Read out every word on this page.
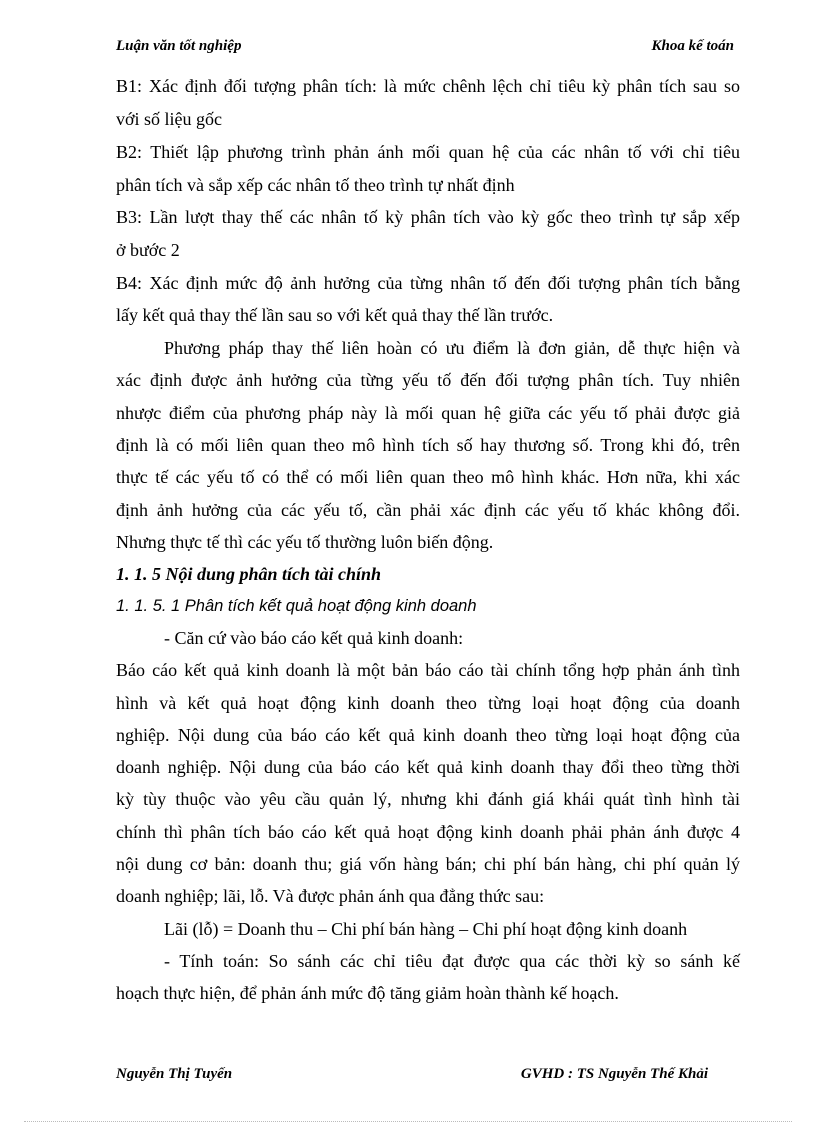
Luận văn tốt nghiệp	Khoa kế toán
B1: Xác định đối tượng phân tích: là mức chênh lệch chỉ tiêu kỳ phân tích sau so
với số liệu gốc
B2: Thiết lập phương trình phản ánh mối quan hệ của các nhân tố với chỉ tiêu
phân tích và sắp xếp các nhân tố theo trình tự nhất định
B3: Lần lượt thay thế các nhân tố kỳ phân tích vào kỳ gốc theo trình tự sắp xếp
ở bước 2
B4: Xác định mức độ ảnh hưởng của từng nhân tố đến đối tượng phân tích bằng
lấy kết quả thay thế lần sau so với kết quả thay thế lần trước.
Phương pháp thay thế liên hoàn có ưu điểm là đơn giản, dễ thực hiện và
xác định được ảnh hưởng của từng yếu tố đến đối tượng phân tích. Tuy nhiên
nhược điểm của phương pháp này là mối quan hệ giữa các yếu tố phải được giả
định là có mối liên quan theo mô hình tích số hay thương số. Trong khi đó, trên
thực tế các yếu tố có thể có mối liên quan theo mô hình khác. Hơn nữa, khi xác
định ảnh hưởng của các yếu tố, cần phải xác định các yếu tố khác không đổi.
Nhưng thực tế thì các yếu tố thường luôn biến động.
1. 1. 5 Nội dung phân tích tài chính
1. 1. 5. 1 Phân tích kết quả hoạt động kinh doanh
- Căn cứ vào báo cáo kết quả kinh doanh:
Báo cáo kết quả kinh doanh là một bản báo cáo tài chính tổng hợp phản ánh tình
hình và kết quả hoạt động kinh doanh theo từng loại hoạt động của doanh
nghiệp. Nội dung của báo cáo kết quả kinh doanh theo từng loại hoạt động của
doanh nghiệp. Nội dung của báo cáo kết quả kinh doanh thay đổi theo từng thời
kỳ tùy thuộc vào yêu cầu quản lý, nhưng khi đánh giá khái quát tình hình tài
chính thì phân tích báo cáo kết quả hoạt động kinh doanh phải phản ánh được 4
nội dung cơ bản: doanh thu; giá vốn hàng bán; chi phí bán hàng, chi phí quản lý
doanh nghiệp; lãi, lỗ. Và được phản ánh qua đẳng thức sau:
Lãi (lỗ) = Doanh thu – Chi phí bán hàng – Chi phí hoạt động kinh doanh
- Tính toán: So sánh các chỉ tiêu đạt được qua các thời kỳ so sánh kế
hoạch thực hiện, để phản ánh mức độ tăng giảm hoàn thành kế hoạch.
Nguyễn Thị Tuyến	GVHD : TS Nguyễn Thế Khải
